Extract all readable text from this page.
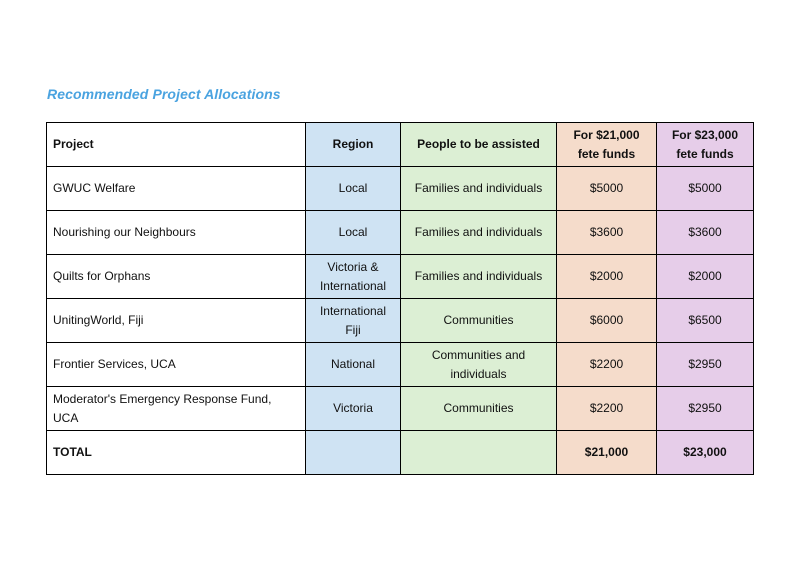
Recommended Project Allocations
Project	Region	People to be assisted	For $21,000 fete funds	For $23,000 fete funds
GWUC Welfare	Local	Families and individuals	$5000	$5000
Nourishing our Neighbours	Local	Families and individuals	$3600	$3600
Quilts for Orphans	Victoria & International	Families and individuals	$2000	$2000
UnitingWorld, Fiji	International Fiji	Communities	$6000	$6500
Frontier Services, UCA	National	Communities and individuals	$2200	$2950
Moderator's Emergency Response Fund, UCA	Victoria	Communities	$2200	$2950
TOTAL			$21,000	$23,000
